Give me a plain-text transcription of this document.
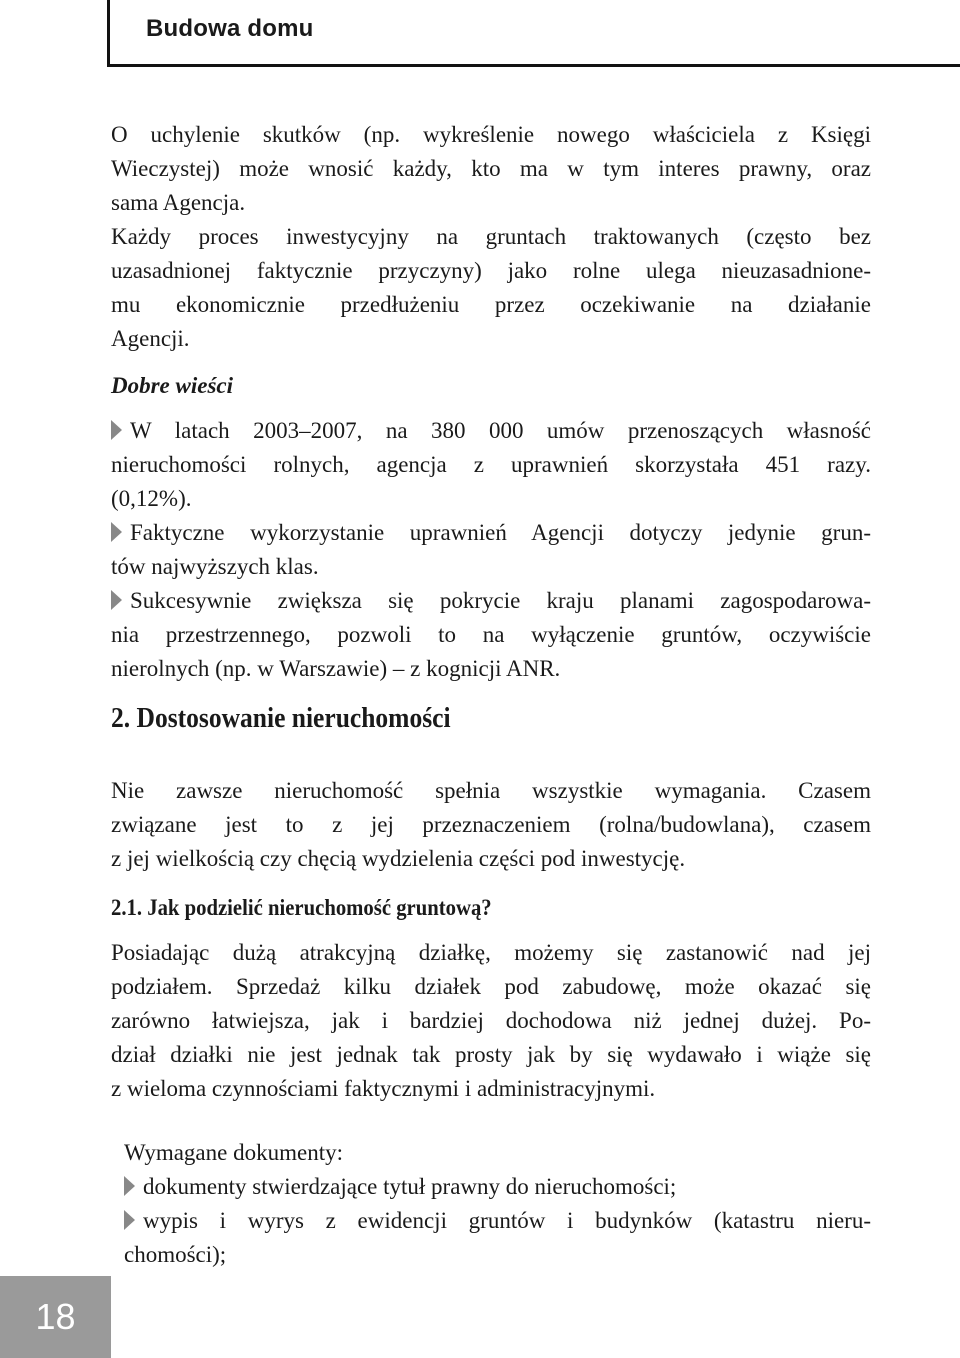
Budowa domu
O uchylenie skutków (np. wykreślenie nowego właściciela z Księgi
Wieczystej) może wnosić każdy, kto ma w tym interes prawny, oraz
sama Agencja.
Każdy proces inwestycyjny na gruntach traktowanych (często bez
uzasadnionej faktycznie przyczyny) jako rolne ulega nieuzasadnione-
mu ekonomicznie przedłużeniu przez oczekiwanie na działanie
Agencji.
Dobre wieści
W latach 2003–2007, na 380 000 umów przenoszących własność
nieruchomości rolnych, agencja z uprawnień skorzystała 451 razy.
(0,12%).
Faktyczne wykorzystanie uprawnień Agencji dotyczy jedynie grun-
tów najwyższych klas.
Sukcesywnie zwiększa się pokrycie kraju planami zagospodarowa-
nia przestrzennego, pozwoli to na wyłączenie gruntów, oczywiście
nierolnych (np. w Warszawie) – z kognicji ANR.
2. Dostosowanie nieruchomości
Nie zawsze nieruchomość spełnia wszystkie wymagania. Czasem
związane jest to z jej przeznaczeniem (rolna/budowlana), czasem
z jej wielkością czy chęcią wydzielenia części pod inwestycję.
2.1. Jak podzielić nieruchomość gruntową?
Posiadając dużą atrakcyjną działkę, możemy się zastanowić nad jej
podziałem. Sprzedaż kilku działek pod zabudowę, może okazać się
zarówno łatwiejsza, jak i bardziej dochodowa niż jednej dużej. Po-
dział działki nie jest jednak tak prosty jak by się wydawało i wiąże się
z wieloma czynnościami faktycznymi i administracyjnymi.
Wymagane dokumenty:
dokumenty stwierdzające tytuł prawny do nieruchomości;
wypis i wyrys z ewidencji gruntów i budynków (katastru nieru-
chomości);
18
